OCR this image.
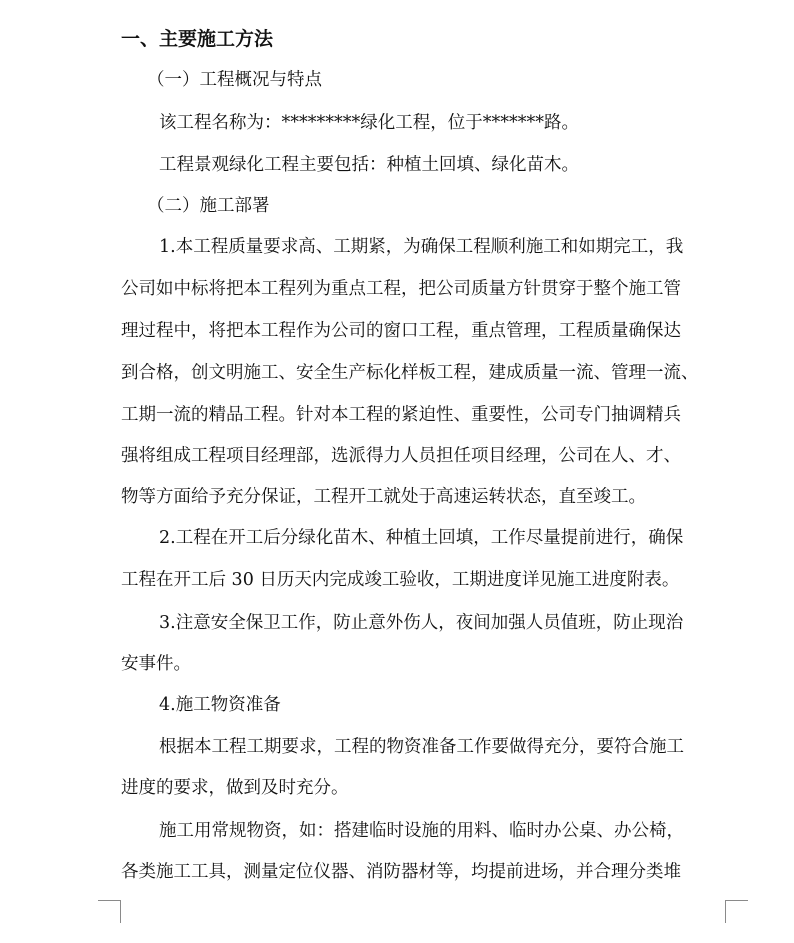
一、主要施工方法
（一）工程概况与特点
该工程名称为：*********绿化工程，位于*******路。
工程景观绿化工程主要包括：种植土回填、绿化苗木。
（二）施工部署
1.本工程质量要求高、工期紧，为确保工程顺利施工和如期完工，我
公司如中标将把本工程列为重点工程，把公司质量方针贯穿于整个施工管
理过程中，将把本工程作为公司的窗口工程，重点管理，工程质量确保达
到合格，创文明施工、安全生产标化样板工程，建成质量一流、管理一流、
工期一流的精品工程。针对本工程的紧迫性、重要性，公司专门抽调精兵
强将组成工程项目经理部，选派得力人员担任项目经理，公司在人、才、
物等方面给予充分保证，工程开工就处于高速运转状态，直至竣工。
2.工程在开工后分绿化苗木、种植土回填，工作尽量提前进行，确保
工程在开工后 30 日历天内完成竣工验收，工期进度详见施工进度附表。
3.注意安全保卫工作，防止意外伤人，夜间加强人员值班，防止现治
安事件。
4.施工物资准备
根据本工程工期要求，工程的物资准备工作要做得充分，要符合施工
进度的要求，做到及时充分。
施工用常规物资，如：搭建临时设施的用料、临时办公桌、办公椅，
各类施工工具，测量定位仪器、消防器材等，均提前进场，并合理分类堆
